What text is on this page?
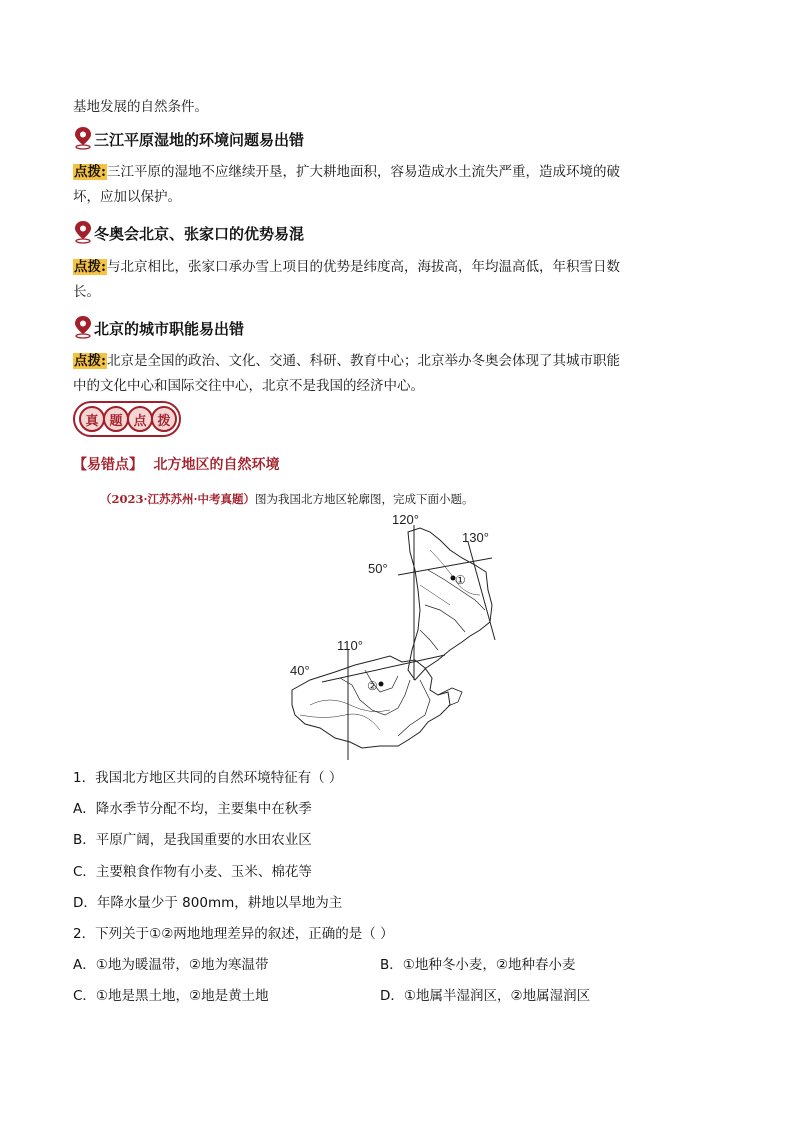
基地发展的自然条件。
三江平原湿地的环境问题易出错
点拨:三江平原的湿地不应继续开垦，扩大耕地面积，容易造成水土流失严重，造成环境的破
坏，应加以保护。
冬奥会北京、张家口的优势易混
点拨:与北京相比，张家口承办雪上项目的优势是纬度高，海拔高，年均温高低，年积雪日数
长。
北京的城市职能易出错
点拨:北京是全国的政治、文化、交通、科研、教育中心；北京举办冬奥会体现了其城市职能
中的文化中心和国际交往中心，北京不是我国的经济中心。
真 题 点 拨
【易错点】 北方地区的自然环境
（2023·江苏苏州·中考真题）图为我国北方地区轮廓图，完成下面小题。
120°
130°
50°
110°
40°
①
②
1．我国北方地区共同的自然环境特征有（ ）
A．降水季节分配不均，主要集中在秋季
B．平原广阔，是我国重要的水田农业区
C．主要粮食作物有小麦、玉米、棉花等
D．年降水量少于 800mm，耕地以旱地为主
2．下列关于①②两地地理差异的叙述，正确的是（ ）
A．①地为暖温带，②地为寒温带	B．①地种冬小麦，②地种春小麦
C．①地是黑土地，②地是黄土地	D．①地属半湿润区，②地属湿润区
